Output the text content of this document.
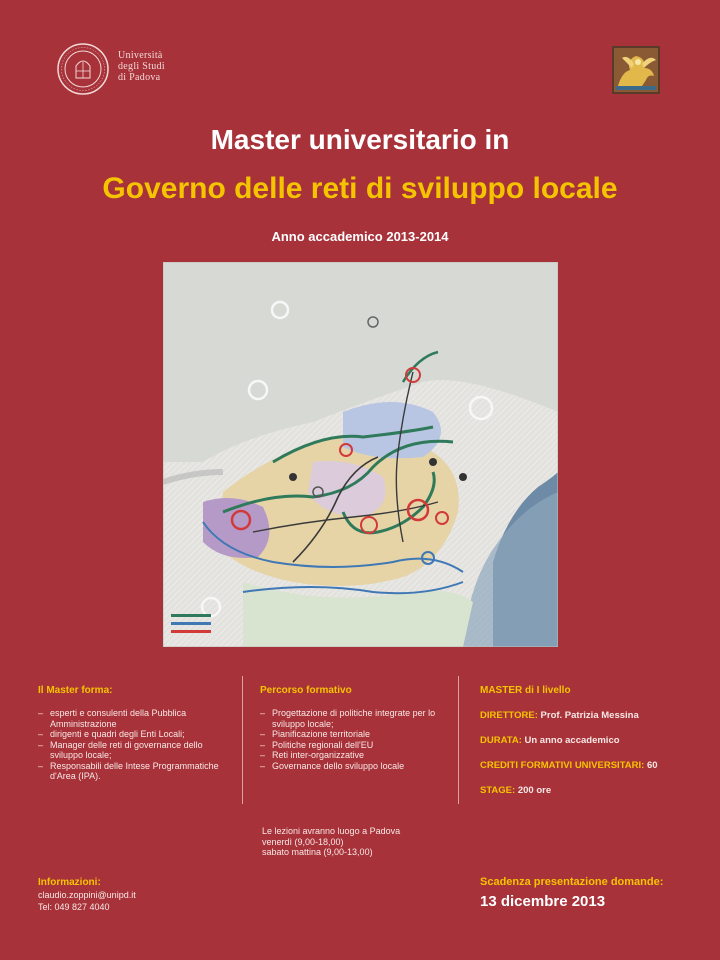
Università
degli Studi
di Padova
Master universitario in
Governo delle reti di sviluppo locale
Anno accademico 2013-2014
Il Master forma:
– esperti e consulenti della Pubblica Amministrazione
– dirigenti e quadri degli Enti Locali;
– Manager delle reti di governance dello sviluppo locale;
– Responsabili delle Intese Programmatiche d'Area (IPA).
Percorso formativo
– Progettazione di politiche integrate per lo sviluppo locale;
– Pianificazione territoriale
– Politiche regionali dell'EU
– Reti inter-organizzative
– Governance dello sviluppo locale
MASTER di I livello
DIRETTORE: Prof. Patrizia Messina
DURATA: Un anno accademico
CREDITI FORMATIVI UNIVERSITARI: 60
STAGE: 200 ore
Le lezioni avranno luogo a Padova
venerdì (9,00-18,00)
sabato mattina (9,00-13,00)
Informazioni:
claudio.zoppini@unipd.it
Tel: 049 827 4040
Scadenza presentazione domande:
13 dicembre 2013
